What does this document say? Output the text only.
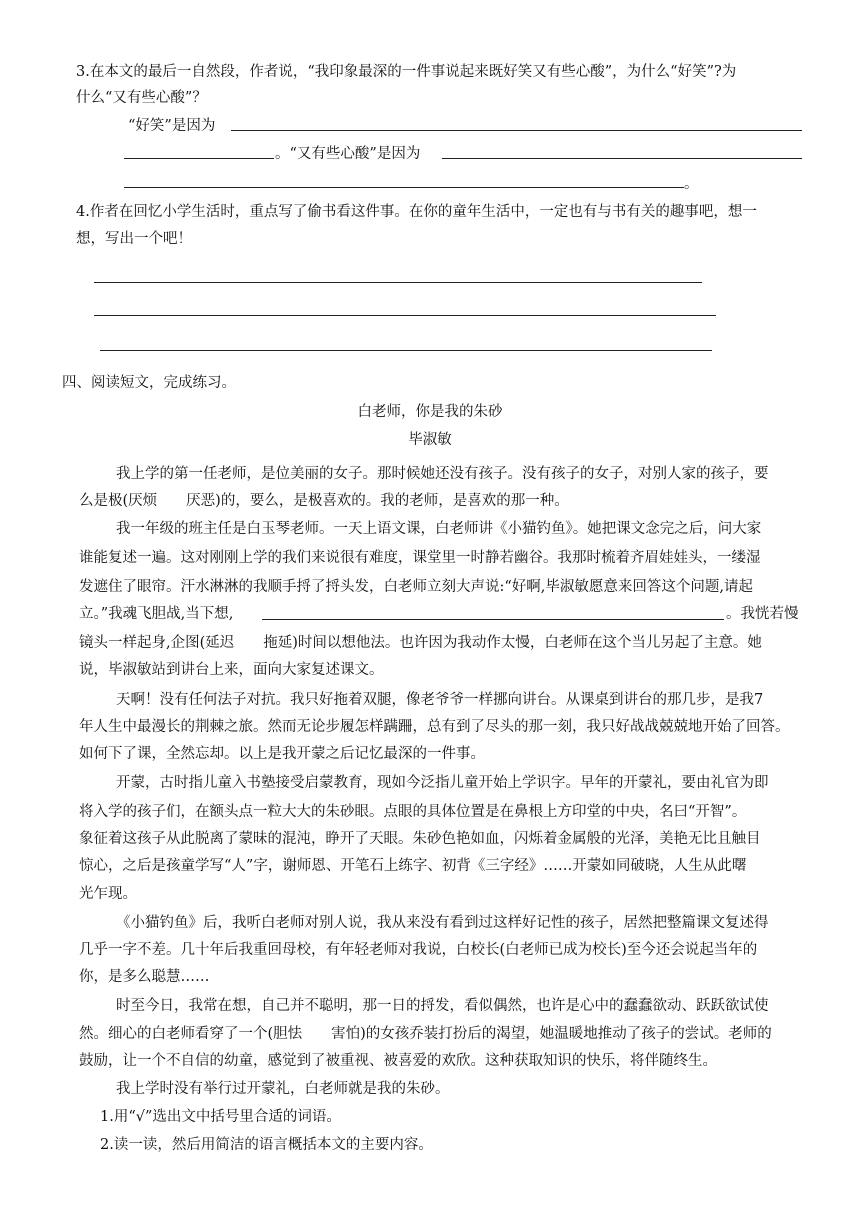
3.在本文的最后一自然段，作者说，“我印象最深的一件事说起来既好笑又有些心酸”，为什么“好笑”?为
什么“又有些心酸”？
“好笑”是因为
。“又有些心酸”是因为
。
4.作者在回忆小学生活时，重点写了偷书看这件事。在你的童年生活中，一定也有与书有关的趣事吧，想一
想，写出一个吧！
四、阅读短文，完成练习。
白老师，你是我的朱砂
毕淑敏
我上学的第一任老师，是位美丽的女子。那时候她还没有孩子。没有孩子的女子，对别人家的孩子，要
么是极(厌烦　　厌恶)的，要么，是极喜欢的。我的老师，是喜欢的那一种。
我一年级的班主任是白玉琴老师。一天上语文课，白老师讲《小猫钓鱼》。她把课文念完之后，问大家
谁能复述一遍。这对刚刚上学的我们来说很有难度，课堂里一时静若幽谷。我那时梳着齐眉娃娃头，一缕湿
发遮住了眼帘。汗水淋淋的我顺手捋了捋头发，白老师立刻大声说:“好啊,毕淑敏愿意来回答这个问题,请起
立。”我魂飞胆战,当下想,	。我恍若慢
镜头一样起身,企图(延迟　　拖延)时间以想他法。也许因为我动作太慢，白老师在这个当儿另起了主意。她
说，毕淑敏站到讲台上来，面向大家复述课文。
天啊！没有任何法子对抗。我只好拖着双腿，像老爷爷一样挪向讲台。从课桌到讲台的那几步，是我7
年人生中最漫长的荆棘之旅。然而无论步履怎样蹒跚，总有到了尽头的那一刻，我只好战战兢兢地开始了回答。
如何下了课，全然忘却。以上是我开蒙之后记忆最深的一件事。
开蒙，古时指儿童入书塾接受启蒙教育，现如今泛指儿童开始上学识字。早年的开蒙礼，要由礼官为即
将入学的孩子们，在额头点一粒大大的朱砂眼。点眼的具体位置是在鼻根上方印堂的中央，名曰“开智”。
象征着这孩子从此脱离了蒙昧的混沌，睁开了天眼。朱砂色艳如血，闪烁着金属般的光泽，美艳无比且触目
惊心，之后是孩童学写“人”字，谢师恩、开笔石上练字、初背《三字经》……开蒙如同破晓，人生从此曙
光乍现。
《小猫钓鱼》后，我听白老师对别人说，我从来没有看到过这样好记性的孩子，居然把整篇课文复述得
几乎一字不差。几十年后我重回母校，有年轻老师对我说，白校长(白老师已成为校长)至今还会说起当年的
你，是多么聪慧……
时至今日，我常在想，自己并不聪明，那一日的捋发，看似偶然，也许是心中的蠢蠢欲动、跃跃欲试使
然。细心的白老师看穿了一个(胆怯　　害怕)的女孩乔装打扮后的渴望，她温暖地推动了孩子的尝试。老师的
鼓励，让一个不自信的幼童，感觉到了被重视、被喜爱的欢欣。这种获取知识的快乐，将伴随终生。
我上学时没有举行过开蒙礼，白老师就是我的朱砂。
1.用“√”选出文中括号里合适的词语。
2.读一读，然后用简洁的语言概括本文的主要内容。
